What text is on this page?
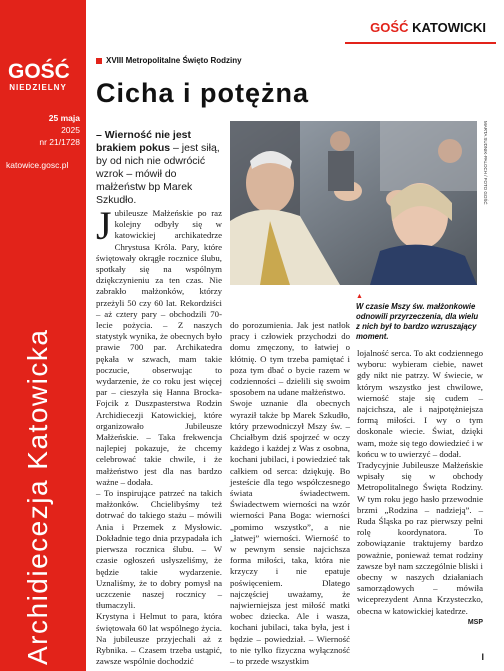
GOŚĆ
NIEDZIELNY
25 maja
2025
nr 21/1728
katowice.gosc.pl
Archidiecezja Katowicka
GOŚĆ KATOWICKI
XVIII Metropolitalne Święto Rodziny
Cicha i potężna
– Wierność nie jest brakiem pokus – jest siłą, by od nich nie odwrócić wzrok – mówił do małżeństw bp Marek Szkudło.	MARTA SUDNIK-PALOCH / FOTO GOŚĆ
▲
W czasie Mszy św. małżonkowie odnowili przyrzeczenia, dla wielu z nich był to bardzo wzruszający moment.

Jubileusze Małżeńskie po raz kolejny odbyły się w katowickiej archikatedrze Chrystusa Króla. Pary, które świętowały okrągłe rocznice ślubu, spotkały się na wspólnym dziękczynieniu za ten czas. Nie zabrakło małżonków, którzy przeżyli 50 czy 60 lat. Rekordziści – aż cztery pary – obchodzili 70-lecie pożycia. – Z naszych statystyk wynika, że obecnych było prawie 700 par. Archikatedra pękała w szwach, mam takie poczucie, obserwując to wydarzenie, że co roku jest więcej par – cieszyła się Hanna Brocka-Fojcik z Duszpasterstwa Rodzin Archidiecezji Katowickiej, które organizowało Jubileusze Małżeńskie. – Taka frekwencja najlepiej pokazuje, że chcemy celebrować takie chwile, i że małżeństwo jest dla nas bardzo ważne – dodała.

– To inspirujące patrzeć na takich małżonków. Chcielibyśmy też dotrwać do takiego stażu – mówili Ania i Przemek z Mysłowic. Dokładnie tego dnia przypadała ich pierwsza rocznica ślubu. – W czasie ogłoszeń usłyszeliśmy, że będzie takie wydarzenie. Uznaliśmy, że to dobry pomysł na uczczenie naszej rocznicy – tłumaczyli.

Krystyna i Helmut to para, która świętowała 60 lat wspólnego życia. Na jubileusze przyjechali aż z Rybnika. – Czasem trzeba ustąpić, zawsze wspólnie dochodzić

do porozumienia. Jak jest natłok pracy i człowiek przychodzi do domu zmęczony, to łatwiej o kłótnię. O tym trzeba pamiętać i poza tym dbać o bycie razem w codzienności – dzielili się swoim sposobem na udane małżeństwo.

Swoje uznanie dla obecnych wyraził także bp Marek Szkudło, który przewodniczył Mszy św. – Chciałbym dziś spojrzeć w oczy każdego i każdej z Was z osobna, kochani jubilaci, i powiedzieć tak całkiem od serca: dziękuję. Bo jesteście dla tego współczesnego świata świadectwem. Świadectwem wierności na wzór wierności Pana Boga: wierności „pomimo wszystko”, a nie „łatwej” wierności. Wierność to w pewnym sensie najcichsza forma miłości, taka, która nie krzyczy i nie epatuje poświęceniem. Dlatego najczęściej uważamy, że najwierniejsza jest miłość matki wobec dziecka. Ale i wasza, kochani jubilaci, taka była, jest i będzie – powiedział. – Wierność to nie tylko fizyczna wyłączność – to przede wszystkim

lojalność serca. To akt codziennego wyboru: wybieram ciebie, nawet gdy nikt nie patrzy. W świecie, w którym wszystko jest chwilowe, wierność staje się cudem – najcichsza, ale i najpotężniejsza formą miłości. I wy o tym doskonale wiecie. Świat, dzięki wam, może się tego dowiedzieć i w końcu w to uwierzyć – dodał.

Tradycyjnie Jubileusze Małżeńskie wpisały się w obchody Metropolitalnego Święta Rodziny. W tym roku jego hasło przewodnie brzmi „Rodzina – nadzieją”. – Ruda Śląska po raz pierwszy pełni rolę koordynatora. To zobowiązanie traktujemy bardzo poważnie, ponieważ temat rodziny zawsze był nam szczególnie bliski i obecny w naszych działaniach samorządowych – mówiła wiceprezydent Anna Krzysteczko, obecna w katowickiej katedrze.
MSP

I
